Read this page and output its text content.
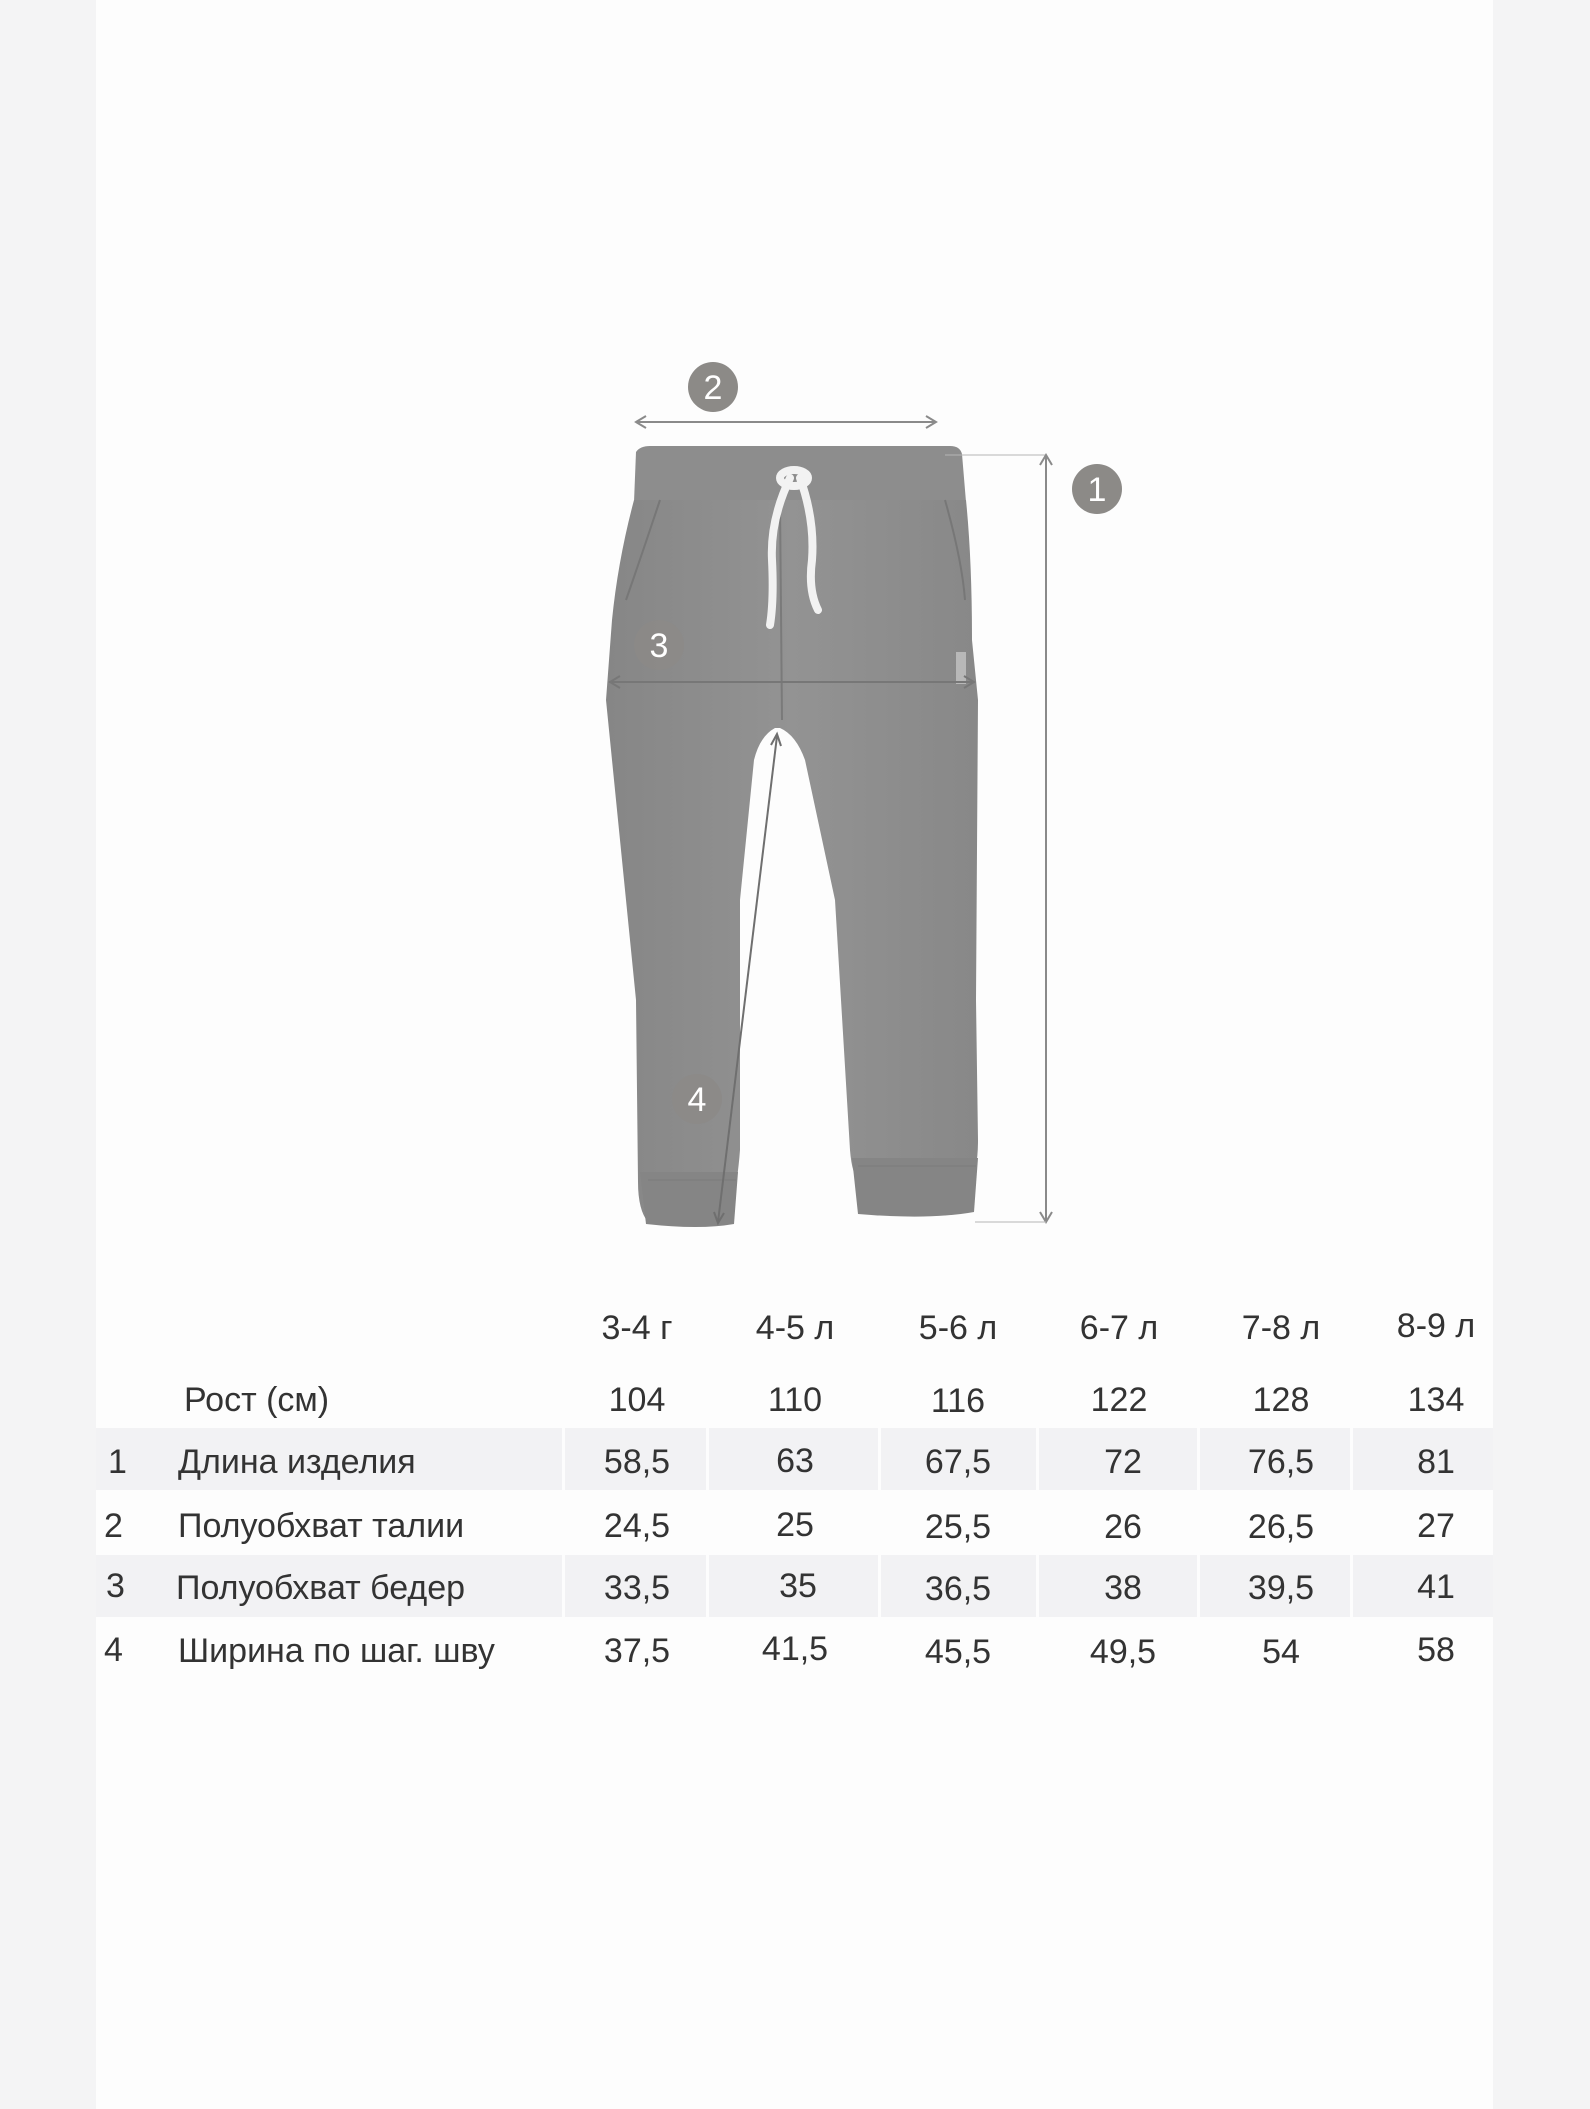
1
2
3
4
3-4 г	4-5 л	5-6 л	6-7 л	7-8 л	8-9 л
Рост (см)	104	110	116	122	128	134
1 Длина изделия	58,5	63	67,5	72	76,5	81
2 Полуобхват талии	24,5	25	25,5	26	26,5	27
3 Полуобхват бедер	33,5	35	36,5	38	39,5	41
4 Ширина по шаг. шву	37,5	41,5	45,5	49,5	54	58
